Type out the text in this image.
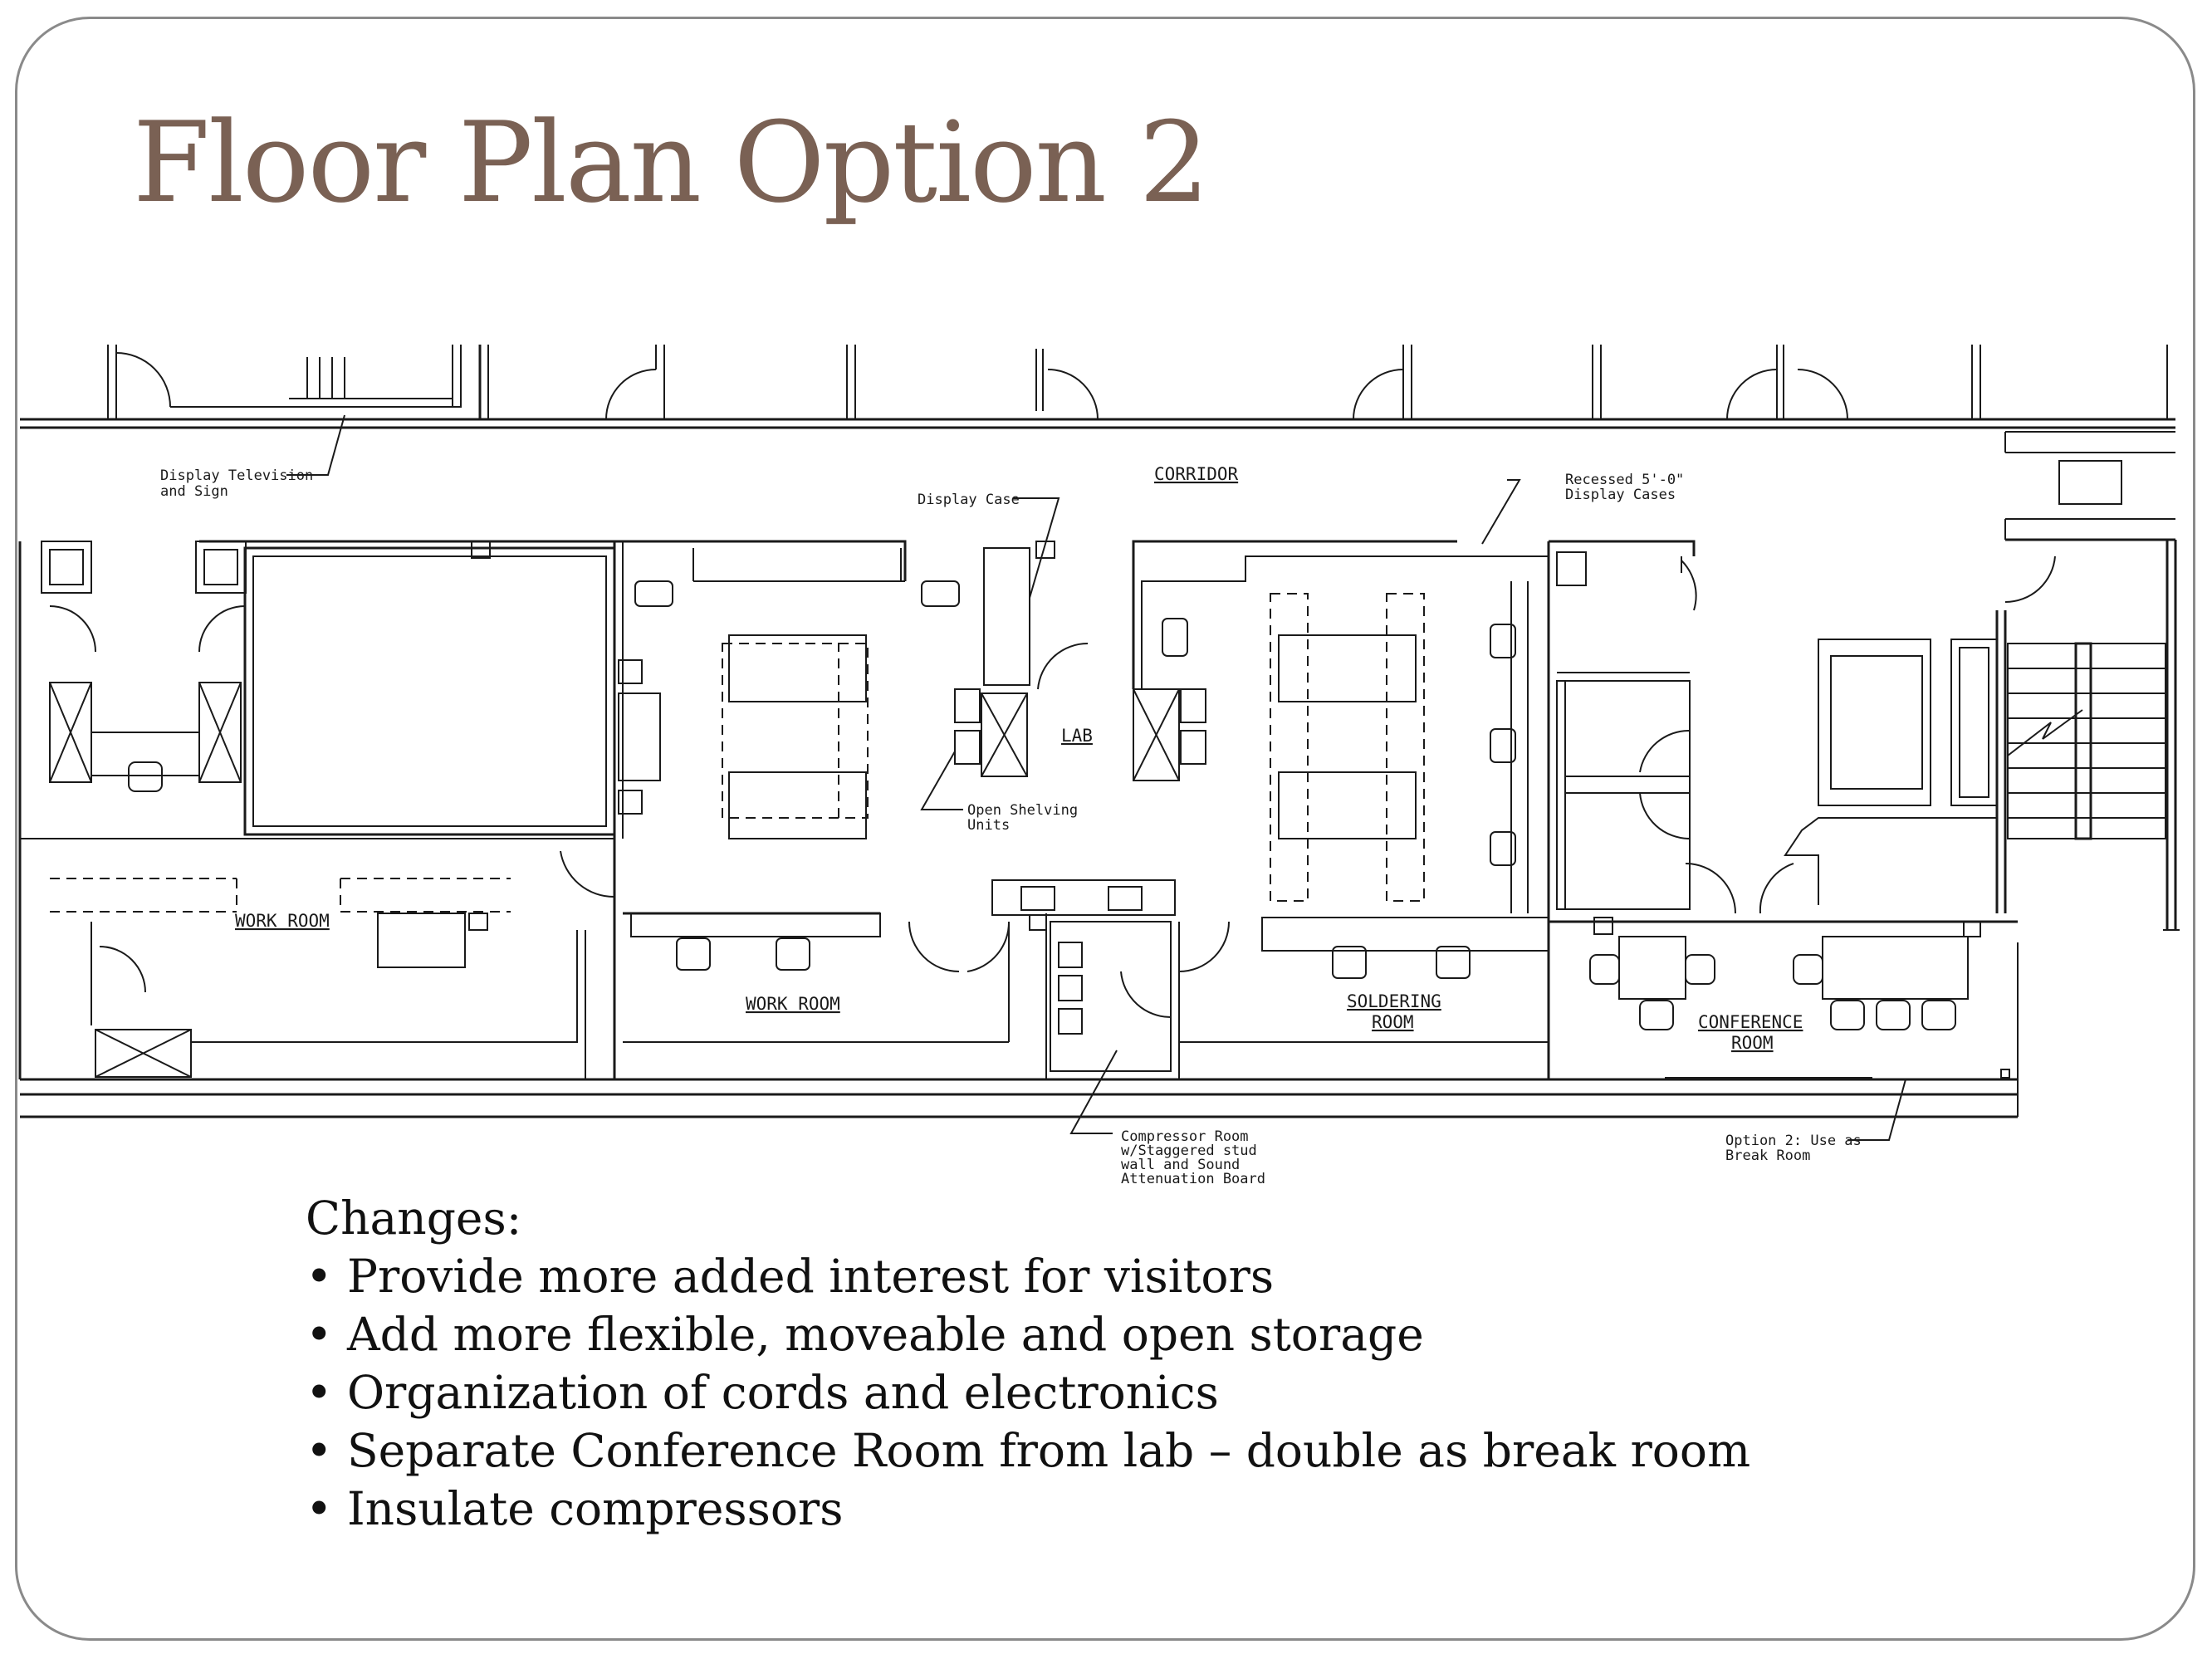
Floor Plan Option 2
Display Television
and Sign	Display Case
CORRIDOR	Recessed 5'-0"
Display Cases
LAB
Open Shelving
Units
WORK ROOM
WORK ROOM	SOLDERING
ROOM	CONFERENCE
ROOM
Compressor Room
w/Staggered stud
wall and Sound
Attenuation Board
Option 2: Use as
Break Room
Changes:
• Provide more added interest for visitors
• Add more flexible, moveable and open storage
• Organization of cords and electronics
• Separate Conference Room from lab – double as break room
• Insulate compressors
